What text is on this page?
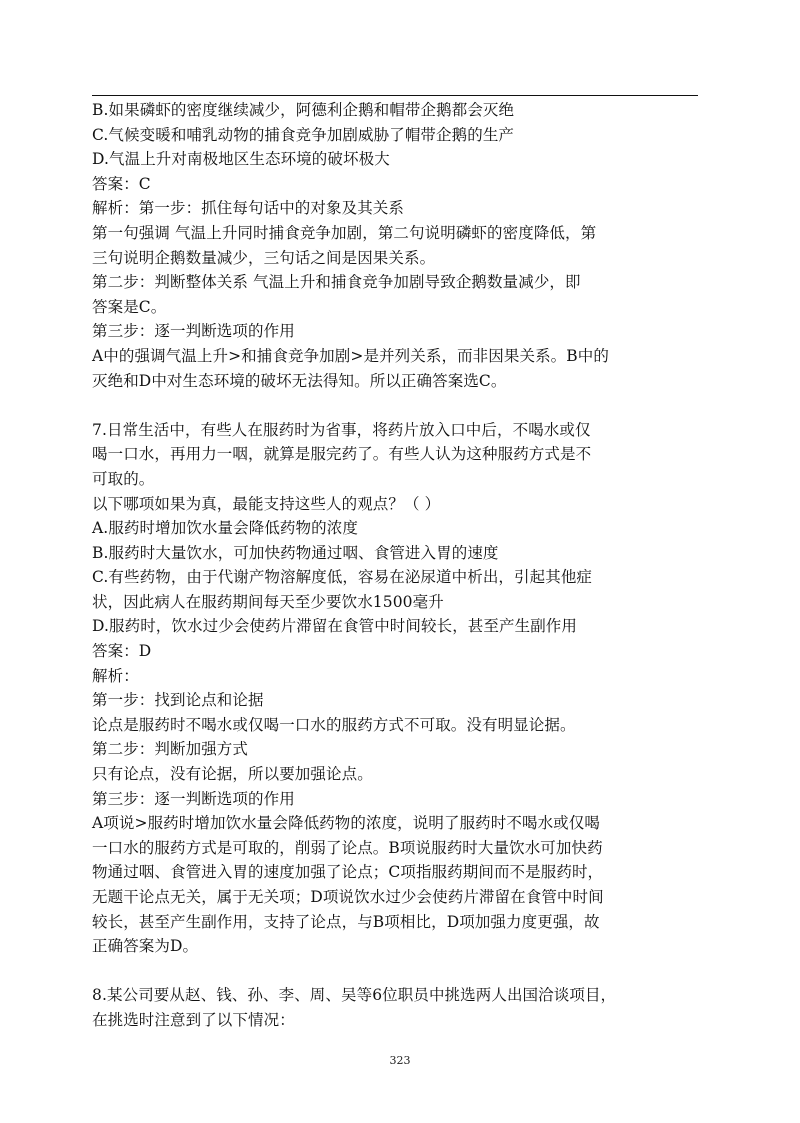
B.如果磷虾的密度继续减少，阿德利企鹅和帽带企鹅都会灭绝
C.气候变暖和哺乳动物的捕食竞争加剧威胁了帽带企鹅的生产
D.气温上升对南极地区生态环境的破坏极大
答案：C
解析：第一步：抓住每句话中的对象及其关系
第一句强调 气温上升同时捕食竞争加剧，第二句说明磷虾的密度降低，第
三句说明企鹅数量减少，三句话之间是因果关系。
第二步：判断整体关系 气温上升和捕食竞争加剧导致企鹅数量减少，即
答案是C。
第三步：逐一判断选项的作用
A中的强调气温上升>和捕食竞争加剧>是并列关系，而非因果关系。B中的
灭绝和D中对生态环境的破坏无法得知。所以正确答案选C。
7.日常生活中，有些人在服药时为省事，将药片放入口中后，不喝水或仅
喝一口水，再用力一咽，就算是服完药了。有些人认为这种服药方式是不
可取的。
以下哪项如果为真，最能支持这些人的观点？（ ）
A.服药时增加饮水量会降低药物的浓度
B.服药时大量饮水，可加快药物通过咽、食管进入胃的速度
C.有些药物，由于代谢产物溶解度低，容易在泌尿道中析出，引起其他症
状，因此病人在服药期间每天至少要饮水1500毫升
D.服药时，饮水过少会使药片滞留在食管中时间较长，甚至产生副作用
答案：D
解析：
第一步：找到论点和论据
论点是服药时不喝水或仅喝一口水的服药方式不可取。没有明显论据。
第二步：判断加强方式
只有论点，没有论据，所以要加强论点。
第三步：逐一判断选项的作用
A项说>服药时增加饮水量会降低药物的浓度，说明了服药时不喝水或仅喝
一口水的服药方式是可取的，削弱了论点。B项说服药时大量饮水可加快药
物通过咽、食管进入胃的速度加强了论点；C项指服药期间而不是服药时，
无题干论点无关，属于无关项；D项说饮水过少会使药片滞留在食管中时间
较长，甚至产生副作用，支持了论点，与B项相比，D项加强力度更强，故
正确答案为D。
8.某公司要从赵、钱、孙、李、周、吴等6位职员中挑选两人出国洽谈项目，
在挑选时注意到了以下情况：
323
